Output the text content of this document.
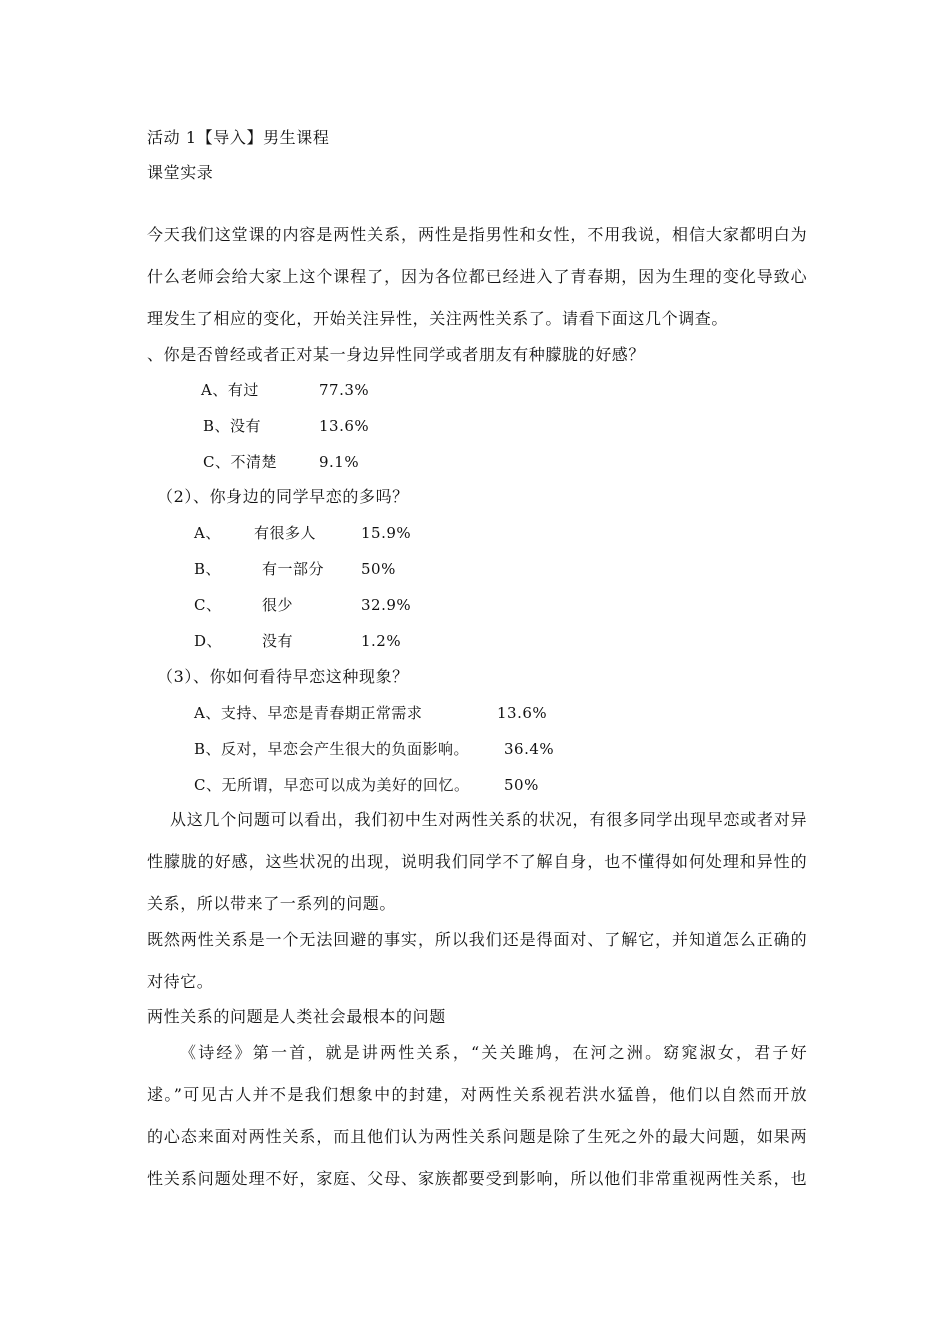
活动 1【导入】男生课程
课堂实录
今天我们这堂课的内容是两性关系，两性是指男性和女性，不用我说，相信大家都明白为
什么老师会给大家上这个课程了，因为各位都已经进入了青春期，因为生理的变化导致心
理发生了相应的变化，开始关注异性，关注两性关系了。请看下面这几个调查。
、你是否曾经或者正对某一身边异性同学或者朋友有种朦胧的好感？
A、有过	77.3%
B、没有	13.6%
C、不清楚	9.1%
（2）、你身边的同学早恋的多吗？
A、 有很多人	15.9%
B、	有一部分 50%
C、	很少	32.9%
D、	没有	1.2%
（3）、你如何看待早恋这种现象？
A、支持、早恋是青春期正常需求	13.6%
B、反对，早恋会产生很大的负面影响。 36.4%
C、无所谓，早恋可以成为美好的回忆。 50%
从这几个问题可以看出，我们初中生对两性关系的状况，有很多同学出现早恋或者对异
性朦胧的好感，这些状况的出现，说明我们同学不了解自身，也不懂得如何处理和异性的
关系，所以带来了一系列的问题。
既然两性关系是一个无法回避的事实，所以我们还是得面对、了解它，并知道怎么正确的
对待它。
两性关系的问题是人类社会最根本的问题
《诗经》第一首，就是讲两性关系，“关关雎鸠，在河之洲。窈窕淑女，君子好
逑。”可见古人并不是我们想象中的封建，对两性关系视若洪水猛兽，他们以自然而开放
的心态来面对两性关系，而且他们认为两性关系问题是除了生死之外的最大问题，如果两
性关系问题处理不好，家庭、父母、家族都要受到影响，所以他们非常重视两性关系，也
